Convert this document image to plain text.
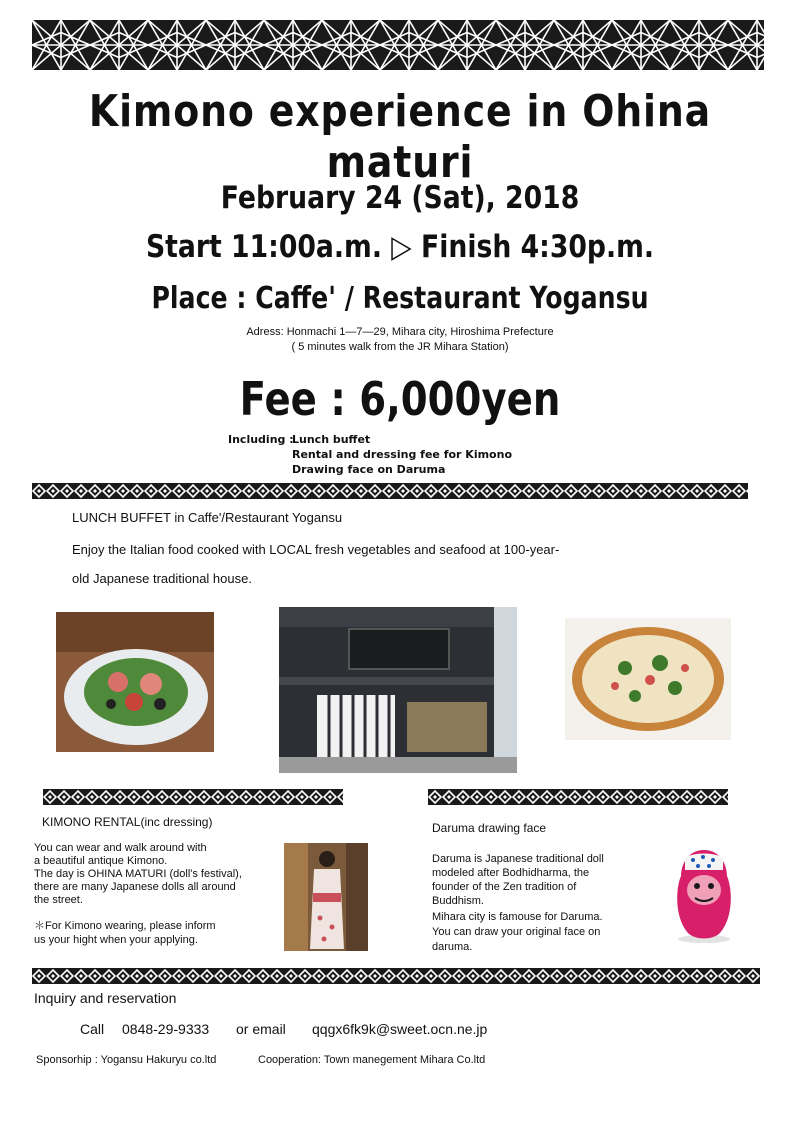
Kimono experience in Ohina maturi
February 24 (Sat), 2018
Start 11:00a.m. ▷ Finish 4:30p.m.
Place : Caffe' / Restaurant Yogansu
Adress: Honmachi 1—7—29, Mihara city, Hiroshima Prefecture
( 5 minutes walk from the JR Mihara Station)
Fee : 6,000yen
Including :
Lunch buffet
Rental and dressing fee for Kimono
Drawing face on Daruma
LUNCH BUFFET in Caffe'/Restaurant Yogansu
Enjoy the Italian food cooked with LOCAL fresh vegetables and seafood at 100-year-
old Japanese traditional house.
KIMONO RENTAL(inc dressing)
You can wear and walk around with
a beautiful antique Kimono.
The day is OHINA MATURI (doll's festival),
there are many Japanese dolls all around
the street.
＊For Kimono wearing, please inform
us your hight when your applying.
Daruma drawing face
Daruma is Japanese traditional doll
modeled after Bodhidharma, the
founder of the Zen tradition of
Buddhism.
Mihara city is famouse for Daruma.
You can draw your original face on
daruma.
Inquiry and reservation
Call 0848-29-9333 or email qqgx6fk9k@sweet.ocn.ne.jp
Sponsorhip : Yogansu Hakuryu co.ltd	Cooperation: Town manegement Mihara Co.ltd
